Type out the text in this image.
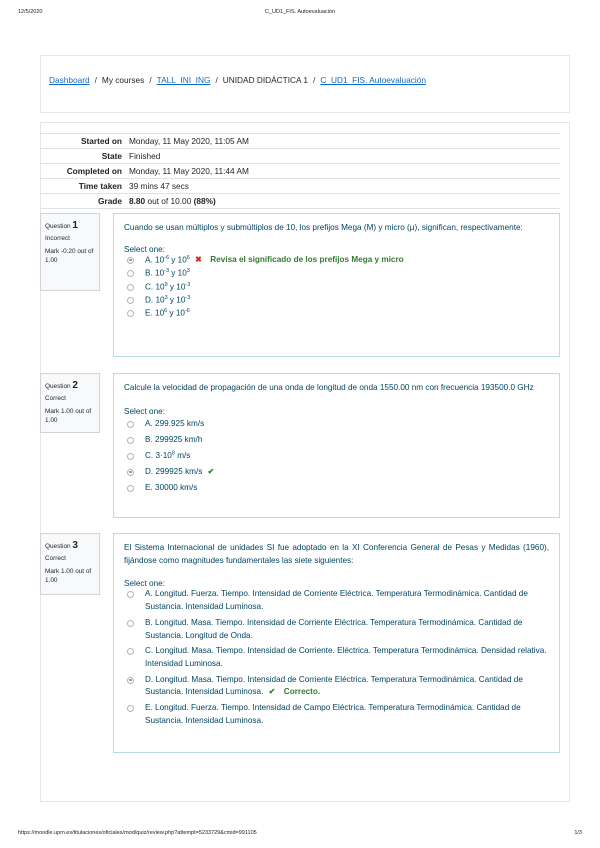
12/5/2020	C_UD1_FIS. Autoevaluación
Dashboard / My courses / TALL_INI_ING / UNIDAD DIDÁCTICA 1 / C_UD1_FIS. Autoevaluación
Started on Monday, 11 May 2020, 11:05 AM
State Finished
Completed on Monday, 11 May 2020, 11:44 AM
Time taken 39 mins 47 secs
Grade 8.80 out of 10.00 (88%)
Question 1
Incorrect
Mark -0.20 out of 1.00
Cuando se usan múltiplos y submúltiplos de 10, los prefijos Mega (M) y micro (μ), significan, respectivamente:
Select one:
A. $10^{-6}$ y $10^6$ ✖ Revisa el significado de los prefijos Mega y micro
B. $10^{-3}$ y $10^3$
C. $10^9$ y $10^{-3}$
D. $10^3$ y $10^{-3}$
E. $10^6$ y $10^{-6}$
Question 2
Correct
Mark 1.00 out of 1.00
Calcule la velocidad de propagación de una onda de longitud de onda 1550.00 nm con frecuencia 193500.0 GHz
Select one:
A. 299.925 km/s
B. 299925 km/h
C. $3\cdot 10^8$ m/s
D. 299925 km/s ✔
E. 30000 km/s
Question 3
Correct
Mark 1.00 out of 1.00
El Sistema Internacional de unidades SI fue adoptado en la XI Conferencia General de Pesas y Medidas (1960), fijándose como magnitudes fundamentales las siete siguientes:
Select one:
A. Longitud. Fuerza. Tiempo. Intensidad de Corriente Eléctrica. Temperatura Termodinámica. Cantidad de Sustancia. Intensidad Luminosa.
B. Longitud. Masa. Tiempo. Intensidad de Corriente Eléctrica. Temperatura Termodinámica. Cantidad de Sustancia. Longitud de Onda.
C. Longitud. Masa. Tiempo. Intensidad de Corriente. Eléctrica. Temperatura Termodinámica. Densidad relativa. Intensidad Luminosa.
D. Longitud. Masa. Tiempo. Intensidad de Corriente Eléctrica. Temperatura Termodinámica. Cantidad de Sustancia. Intensidad Luminosa. ✔ Correcto.
E. Longitud. Fuerza. Tiempo. Intensidad de Campo Eléctrica. Temperatura Termodinámica. Cantidad de Sustancia. Intensidad Luminosa.
https://moodle.upm.es/titulaciones/oficiales/mod/quiz/review.php?attempt=5233729&cmid=991105	1/3
